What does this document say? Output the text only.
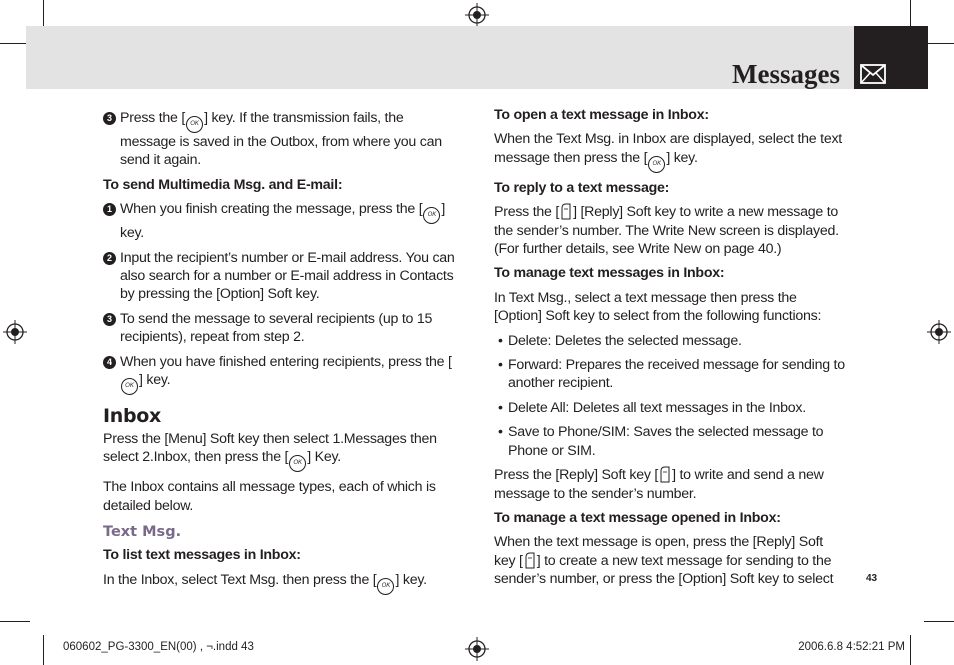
Messages

3 Press the [ OK ] key. If the transmission fails, the message is saved in the Outbox, from where you can send it again.

To send Multimedia Msg. and E-mail:

1 When you finish creating the message, press the [ OK ] key.

2 Input the recipient’s number or E-mail address. You can also search for a number or E-mail address in Contacts by pressing the [Option] Soft key.

3 To send the message to several recipients (up to 15 recipients), repeat from step 2.

4 When you have finished entering recipients, press the [OK ] key.

Inbox

Press the [Menu] Soft key then select 1.Messages then select 2.Inbox, then press the [ OK ] Key.

The Inbox contains all message types, each of which is detailed below.

Text Msg.

To list text messages in Inbox:

In the Inbox, select Text Msg. then press the [ OK ] key.

To open a text message in Inbox:

When the Text Msg. in Inbox are displayed, select the text message then press the [ OK ] key.

To reply to a text message:

Press the [ ] [Reply] Soft key to write a new message to the sender’s number. The Write New screen is displayed. (For further details, see Write New on page 40.)

To manage text messages in Inbox:

In Text Msg., select a text message then press the [Option] Soft key to select from the following functions:

• Delete: Deletes the selected message.

• Forward: Prepares the received message for sending to another recipient.

• Delete All: Deletes all text messages in the Inbox.

• Save to Phone/SIM: Saves the selected message to Phone or SIM.

Press the [Reply] Soft key [ ] to write and send a new message to the sender’s number.

To manage a text message opened in Inbox:

When the text message is open, press the [Reply] Soft key [ ] to create a new text message for sending to the sender’s number, or press the [Option] Soft key to select	43
060602_PG-3300_EN(00) , ¬.indd 43	2006.6.8 4:52:21 PM
